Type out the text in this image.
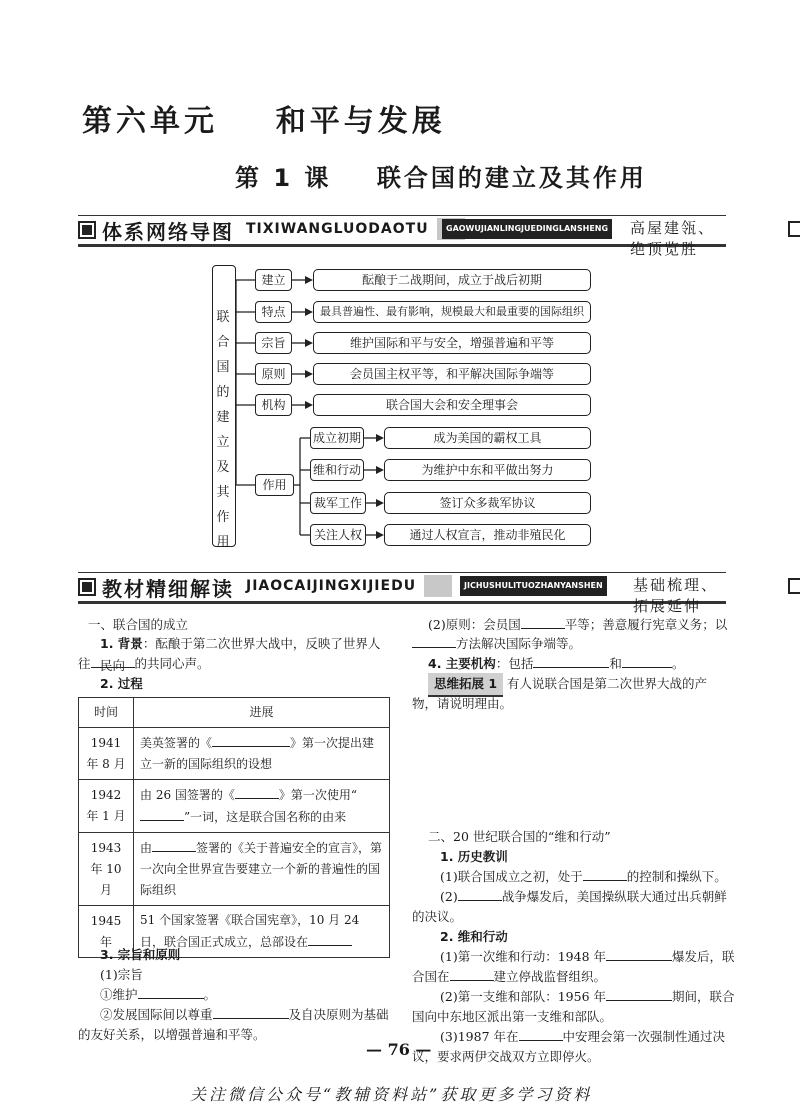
第六单元    和平与发展
第 1 课    联合国的建立及其作用
体系网络导图 TIXIWANGLUODAOTU	GAOWUJIANLINGJUEDINGLANSHENG 高屋建瓴、绝顶览胜
联
合
国
的
建
立
及
其
作
用
建立	酝酿于二战期间，成立于战后初期
特点	最具普遍性、最有影响，规模最大和最重要的国际组织
宗旨	维护国际和平与安全，增强普遍和平等
原则	会员国主权平等，和平解决国际争端等
机构	联合国大会和安全理事会
作用
成立初期	成为美国的霸权工具
维和行动	为维护中东和平做出努力
裁军工作	签订众多裁军协议
关注人权	通过人权宣言，推动非殖民化
教材精细解读 JIAOCAIJINGXIJIEDU	JICHUSHULITUOZHANYANSHEN 基础梳理、拓展延伸
一、联合国的成立
1. 背景：酝酿于第二次世界大战中，反映了世界人民向
往	的共同心声。
2. 过程
时间	进展
1941 年 8 月	美英签署的《 》第一次提出建立一新的国际组织的设想
1942 年 1 月	由 26 国签署的《 》第一次使用“”一词，这是联合国名称的由来
1943 年 10 月	由 签署的《关于普遍安全的宣言》，第一次向全世界宣告要建立一个新的普遍性的国际组织
1945 年	51 个国家签署《联合国宪章》，10 月 24 日，联合国正式成立，总部设在
3. 宗旨和原则
(1)宗旨
①维护	。
②发展国际间以尊重	及自决原则为基础
的友好关系，以增强普遍和平等。
(2)原则：会员国	平等；善意履行宪章义务；以
方法解决国际争端等。
4. 主要机构：包括	和	。
思维拓展 1 有人说联合国是第二次世界大战的产
物，请说明理由。
二、20 世纪联合国的“维和行动”
1. 历史教训
(1)联合国成立之初，处于	的控制和操纵下。
(2)	战争爆发后，美国操纵联大通过出兵朝鲜
的决议。
2. 维和行动
(1)第一次维和行动：1948 年	爆发后，联
合国在	建立停战监督组织。
(2)第一支维和部队：1956 年	期间，联合
国向中东地区派出第一支维和部队。
(3)1987 年在	中安理会第一次强制性通过决
议，要求两伊交战双方立即停火。
— 76 —
关注微信公众号“教辅资料站”获取更多学习资料
